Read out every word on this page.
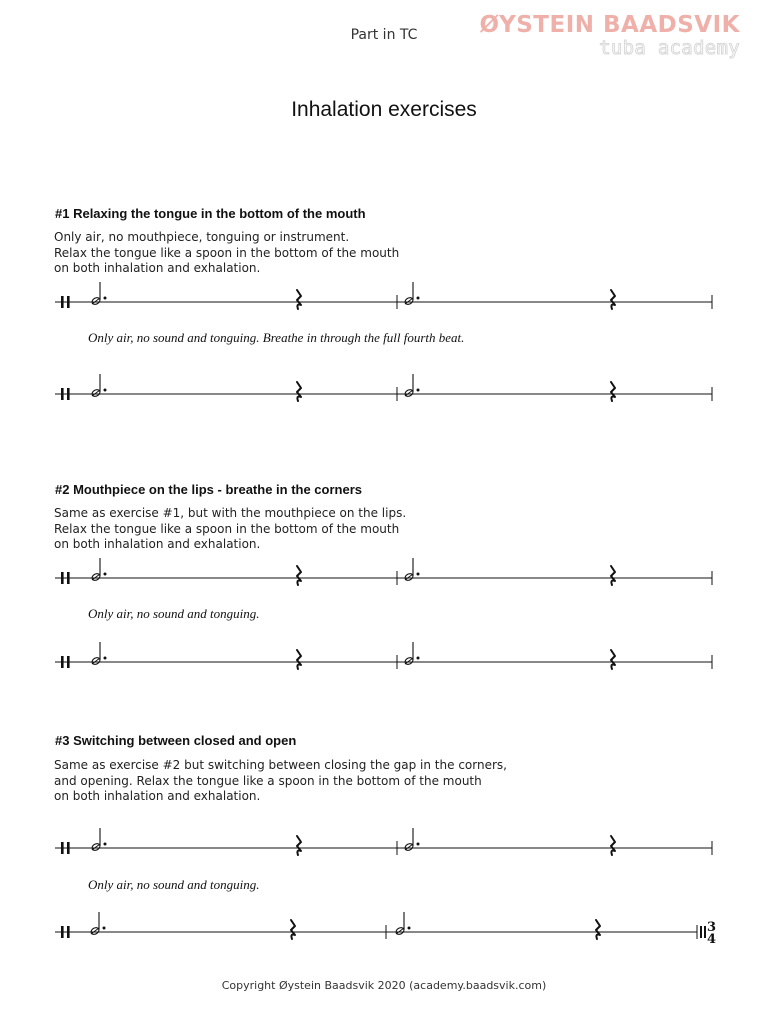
Part in TC	ØYSTEIN BAADSVIK
tuba academy
Inhalation exercises
#1 Relaxing the tongue in the bottom of the mouth
Only air, no mouthpiece, tonguing or instrument.
Relax the tongue like a spoon in the bottom of the mouth
on both inhalation and exhalation.
Only air, no sound and tonguing. Breathe in through the full fourth beat.
#2 Mouthpiece on the lips - breathe in the corners
Same as exercise #1, but with the mouthpiece on the lips.
Relax the tongue like a spoon in the bottom of the mouth
on both inhalation and exhalation.
Only air, no sound and tonguing.
#3 Switching between closed and open
Same as exercise #2 but switching between closing the gap in the corners,
and opening. Relax the tongue like a spoon in the bottom of the mouth
on both inhalation and exhalation.
Only air, no sound and tonguing.
3
4
Copyright Øystein Baadsvik 2020 (academy.baadsvik.com)
